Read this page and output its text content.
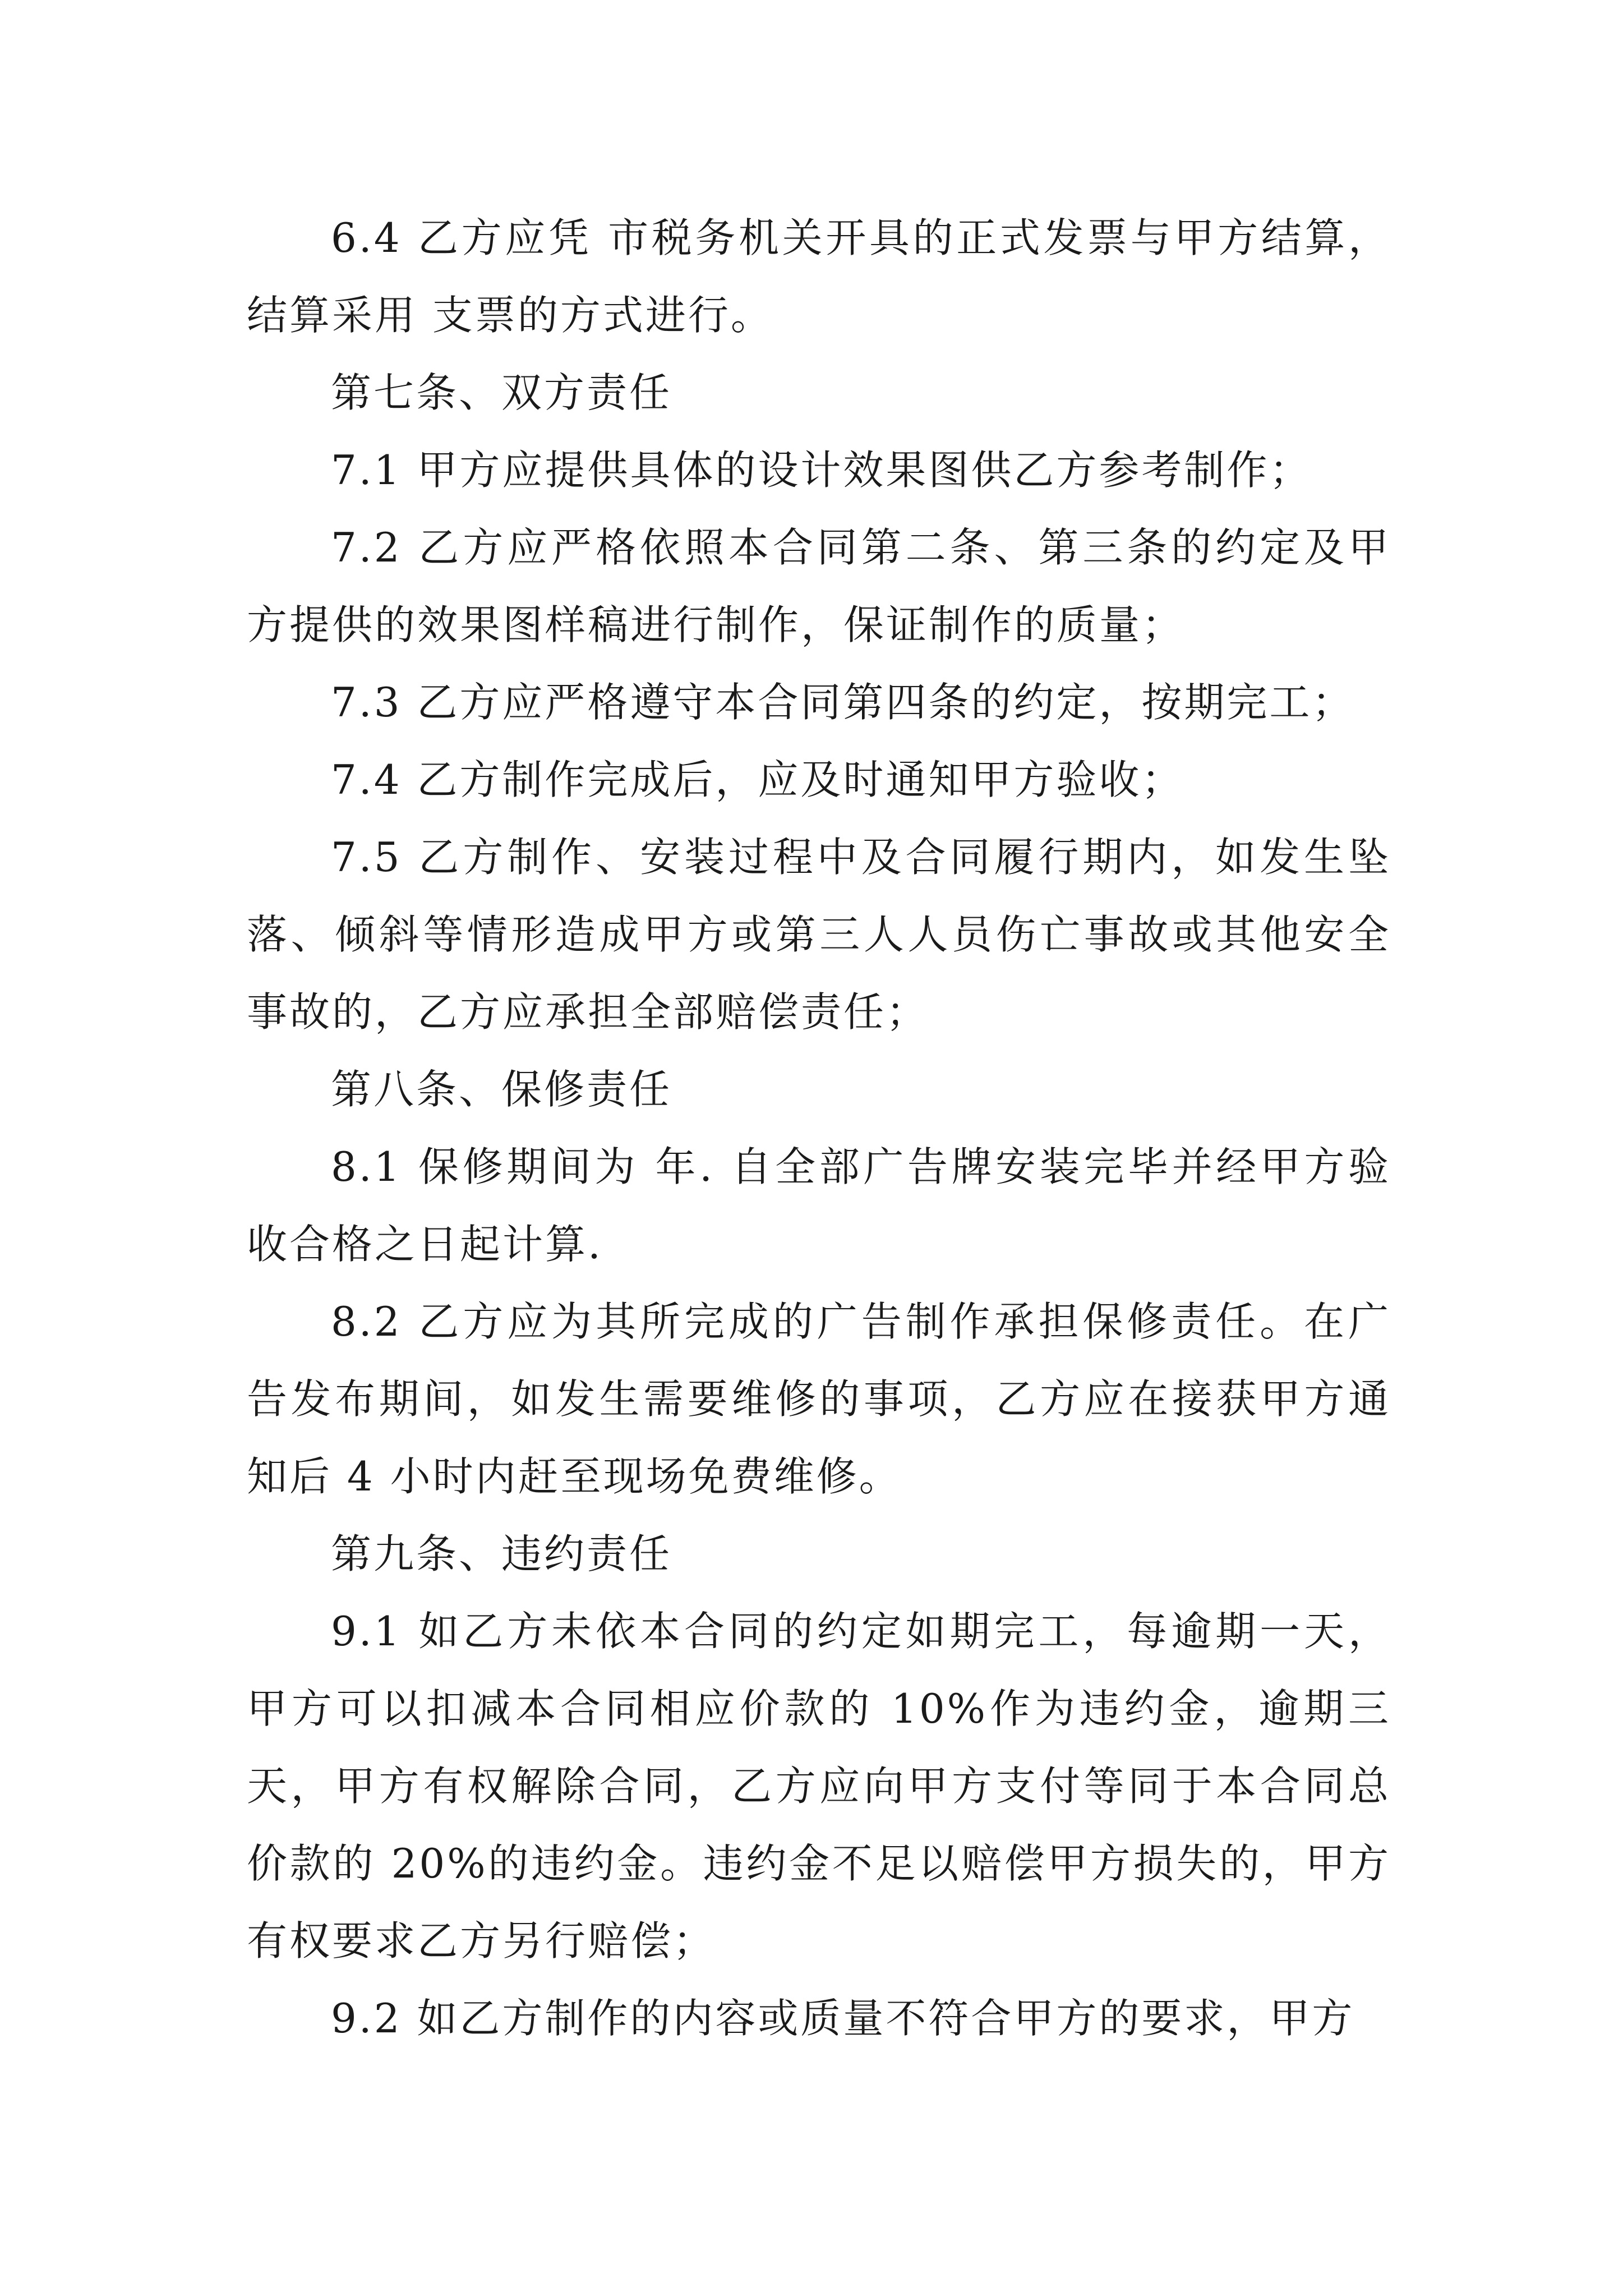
6.4 乙方应凭 市税务机关开具的正式发票与甲方结算，结算采用 支票的方式进行。

第七条、双方责任

7.1 甲方应提供具体的设计效果图供乙方参考制作；

7.2 乙方应严格依照本合同第二条、第三条的约定及甲方提供的效果图样稿进行制作，保证制作的质量；

7.3 乙方应严格遵守本合同第四条的约定，按期完工；

7.4 乙方制作完成后，应及时通知甲方验收；

7.5 乙方制作、安装过程中及合同履行期内，如发生坠落、倾斜等情形造成甲方或第三人人员伤亡事故或其他安全事故的，乙方应承担全部赔偿责任；

第八条、保修责任

8.1 保修期间为 年. 自全部广告牌安装完毕并经甲方验收合格之日起计算.

8.2 乙方应为其所完成的广告制作承担保修责任。在广告发布期间，如发生需要维修的事项，乙方应在接获甲方通知后 4 小时内赶至现场免费维修。

第九条、违约责任

9.1 如乙方未依本合同的约定如期完工，每逾期一天，甲方可以扣减本合同相应价款的 10%作为违约金，逾期三天，甲方有权解除合同，乙方应向甲方支付等同于本合同总价款的 20%的违约金。违约金不足以赔偿甲方损失的，甲方有权要求乙方另行赔偿；

9.2 如乙方制作的内容或质量不符合甲方的要求，甲方
